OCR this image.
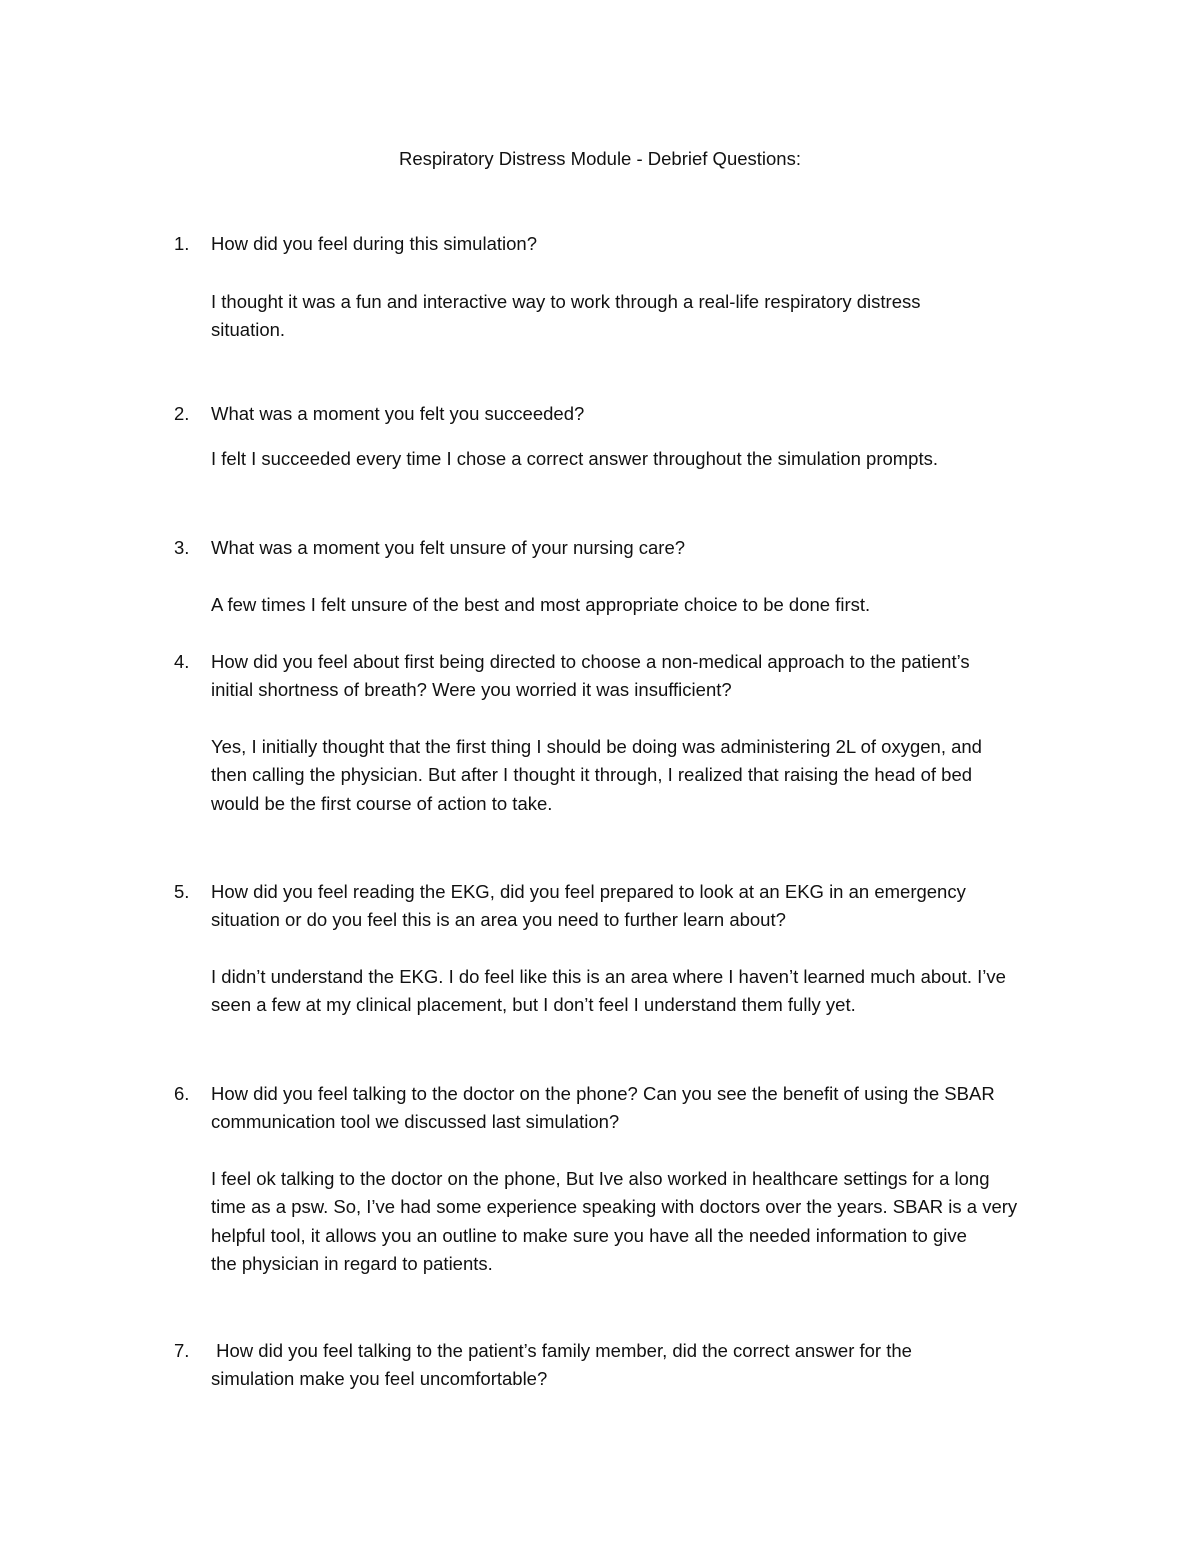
Respiratory Distress Module - Debrief Questions:
1. How did you feel during this simulation?
I thought it was a fun and interactive way to work through a real-life respiratory distress
situation.
2. What was a moment you felt you succeeded?
I felt I succeeded every time I chose a correct answer throughout the simulation prompts.
3. What was a moment you felt unsure of your nursing care?
A few times I felt unsure of the best and most appropriate choice to be done first.
4. How did you feel about first being directed to choose a non-medical approach to the patient’s
initial shortness of breath? Were you worried it was insufficient?
Yes, I initially thought that the first thing I should be doing was administering 2L of oxygen, and
then calling the physician. But after I thought it through, I realized that raising the head of bed
would be the first course of action to take.
5. How did you feel reading the EKG, did you feel prepared to look at an EKG in an emergency
situation or do you feel this is an area you need to further learn about?
I didn’t understand the EKG. I do feel like this is an area where I haven’t learned much about. I’ve
seen a few at my clinical placement, but I don’t feel I understand them fully yet.
6. How did you feel talking to the doctor on the phone? Can you see the benefit of using the SBAR
communication tool we discussed last simulation?
I feel ok talking to the doctor on the phone, But Ive also worked in healthcare settings for a long
time as a psw. So, I’ve had some experience speaking with doctors over the years. SBAR is a very
helpful tool, it allows you an outline to make sure you have all the needed information to give
the physician in regard to patients.
7. How did you feel talking to the patient’s family member, did the correct answer for the
simulation make you feel uncomfortable?
